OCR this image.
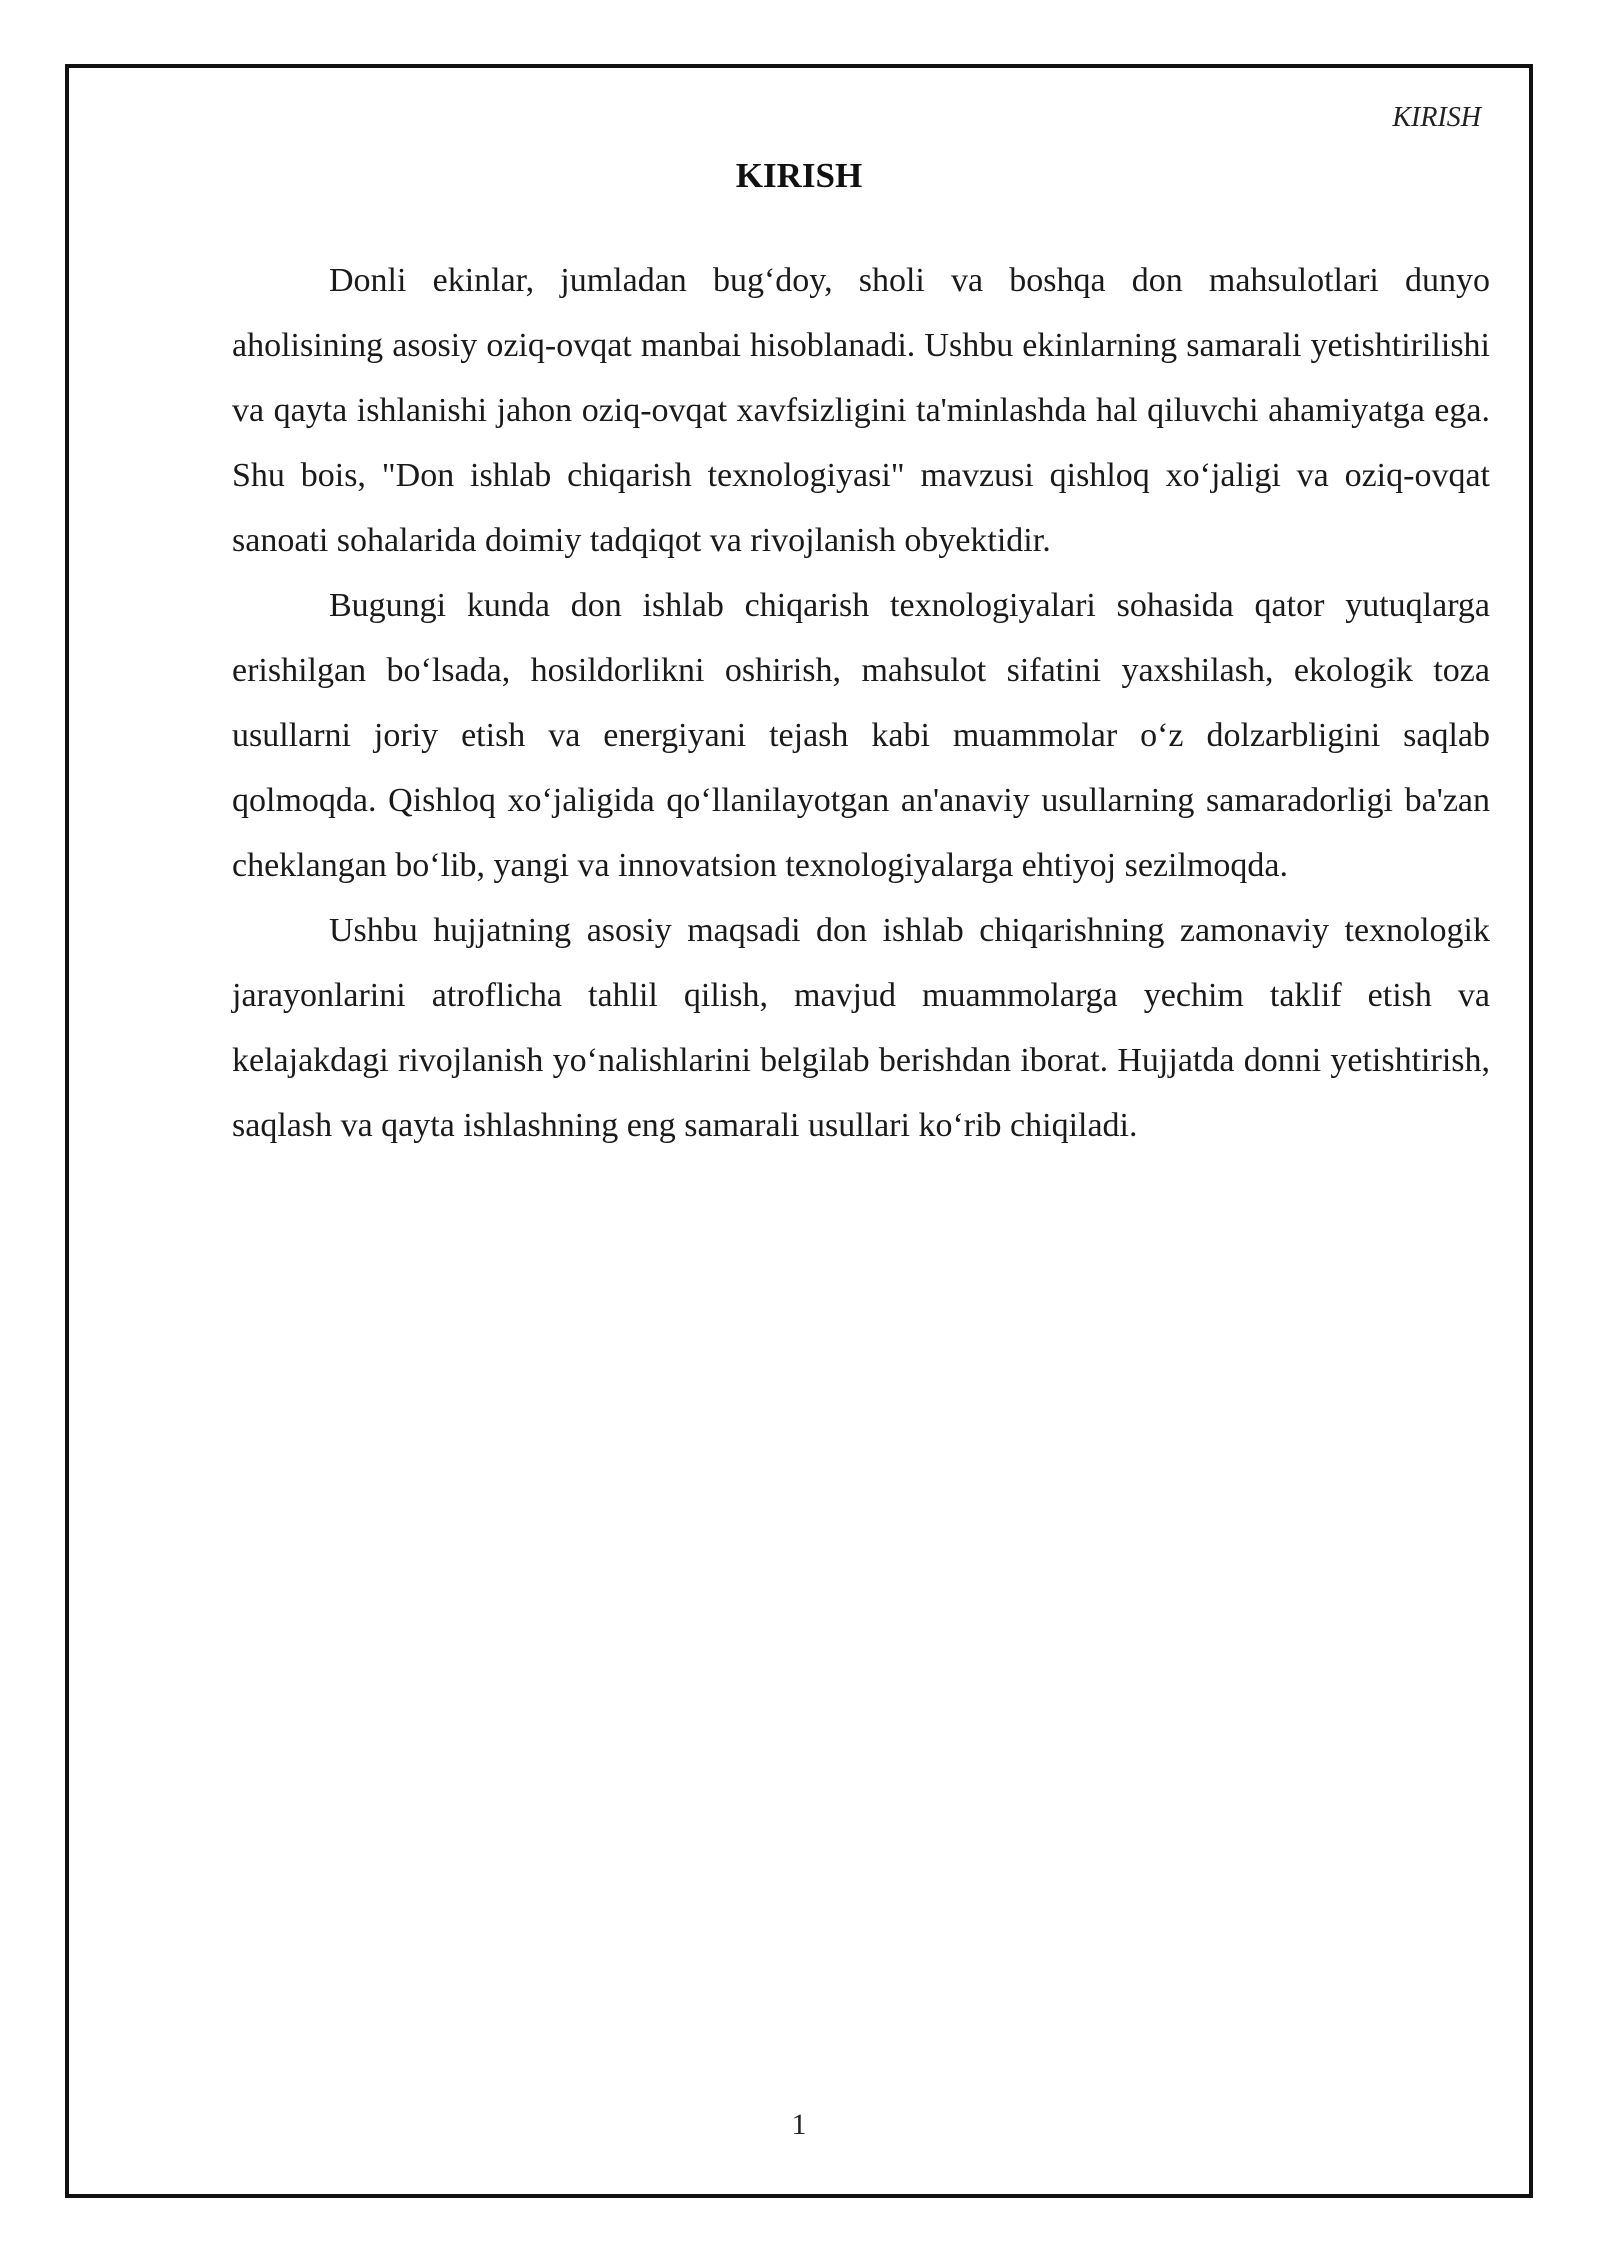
KIRISH
KIRISH

Donli ekinlar, jumladan bug‘doy, sholi va boshqa don mahsulotlari dunyo aholisining asosiy oziq-ovqat manbai hisoblanadi. Ushbu ekinlarning samarali yetishtirilishi va qayta ishlanishi jahon oziq-ovqat xavfsizligini ta'minlashda hal qiluvchi ahamiyatga ega. Shu bois, "Don ishlab chiqarish texnologiyasi" mavzusi qishloq xo‘jaligi va oziq-ovqat sanoati sohalarida doimiy tadqiqot va rivojlanish obyektidir.

Bugungi kunda don ishlab chiqarish texnologiyalari sohasida qator yutuqlarga erishilgan bo‘lsada, hosildorlikni oshirish, mahsulot sifatini yaxshilash, ekologik toza usullarni joriy etish va energiyani tejash kabi muammolar o‘z dolzarbligini saqlab qolmoqda. Qishloq xo‘jaligida qo‘llanilayotgan an'anaviy usullarning samaradorligi ba'zan cheklangan bo‘lib, yangi va innovatsion texnologiyalarga ehtiyoj sezilmoqda.

Ushbu hujjatning asosiy maqsadi don ishlab chiqarishning zamonaviy texnologik jarayonlarini atroflicha tahlil qilish, mavjud muammolarga yechim taklif etish va kelajakdagi rivojlanish yo‘nalishlarini belgilab berishdan iborat. Hujjatda donni yetishtirish, saqlash va qayta ishlashning eng samarali usullari ko‘rib chiqiladi.

1
